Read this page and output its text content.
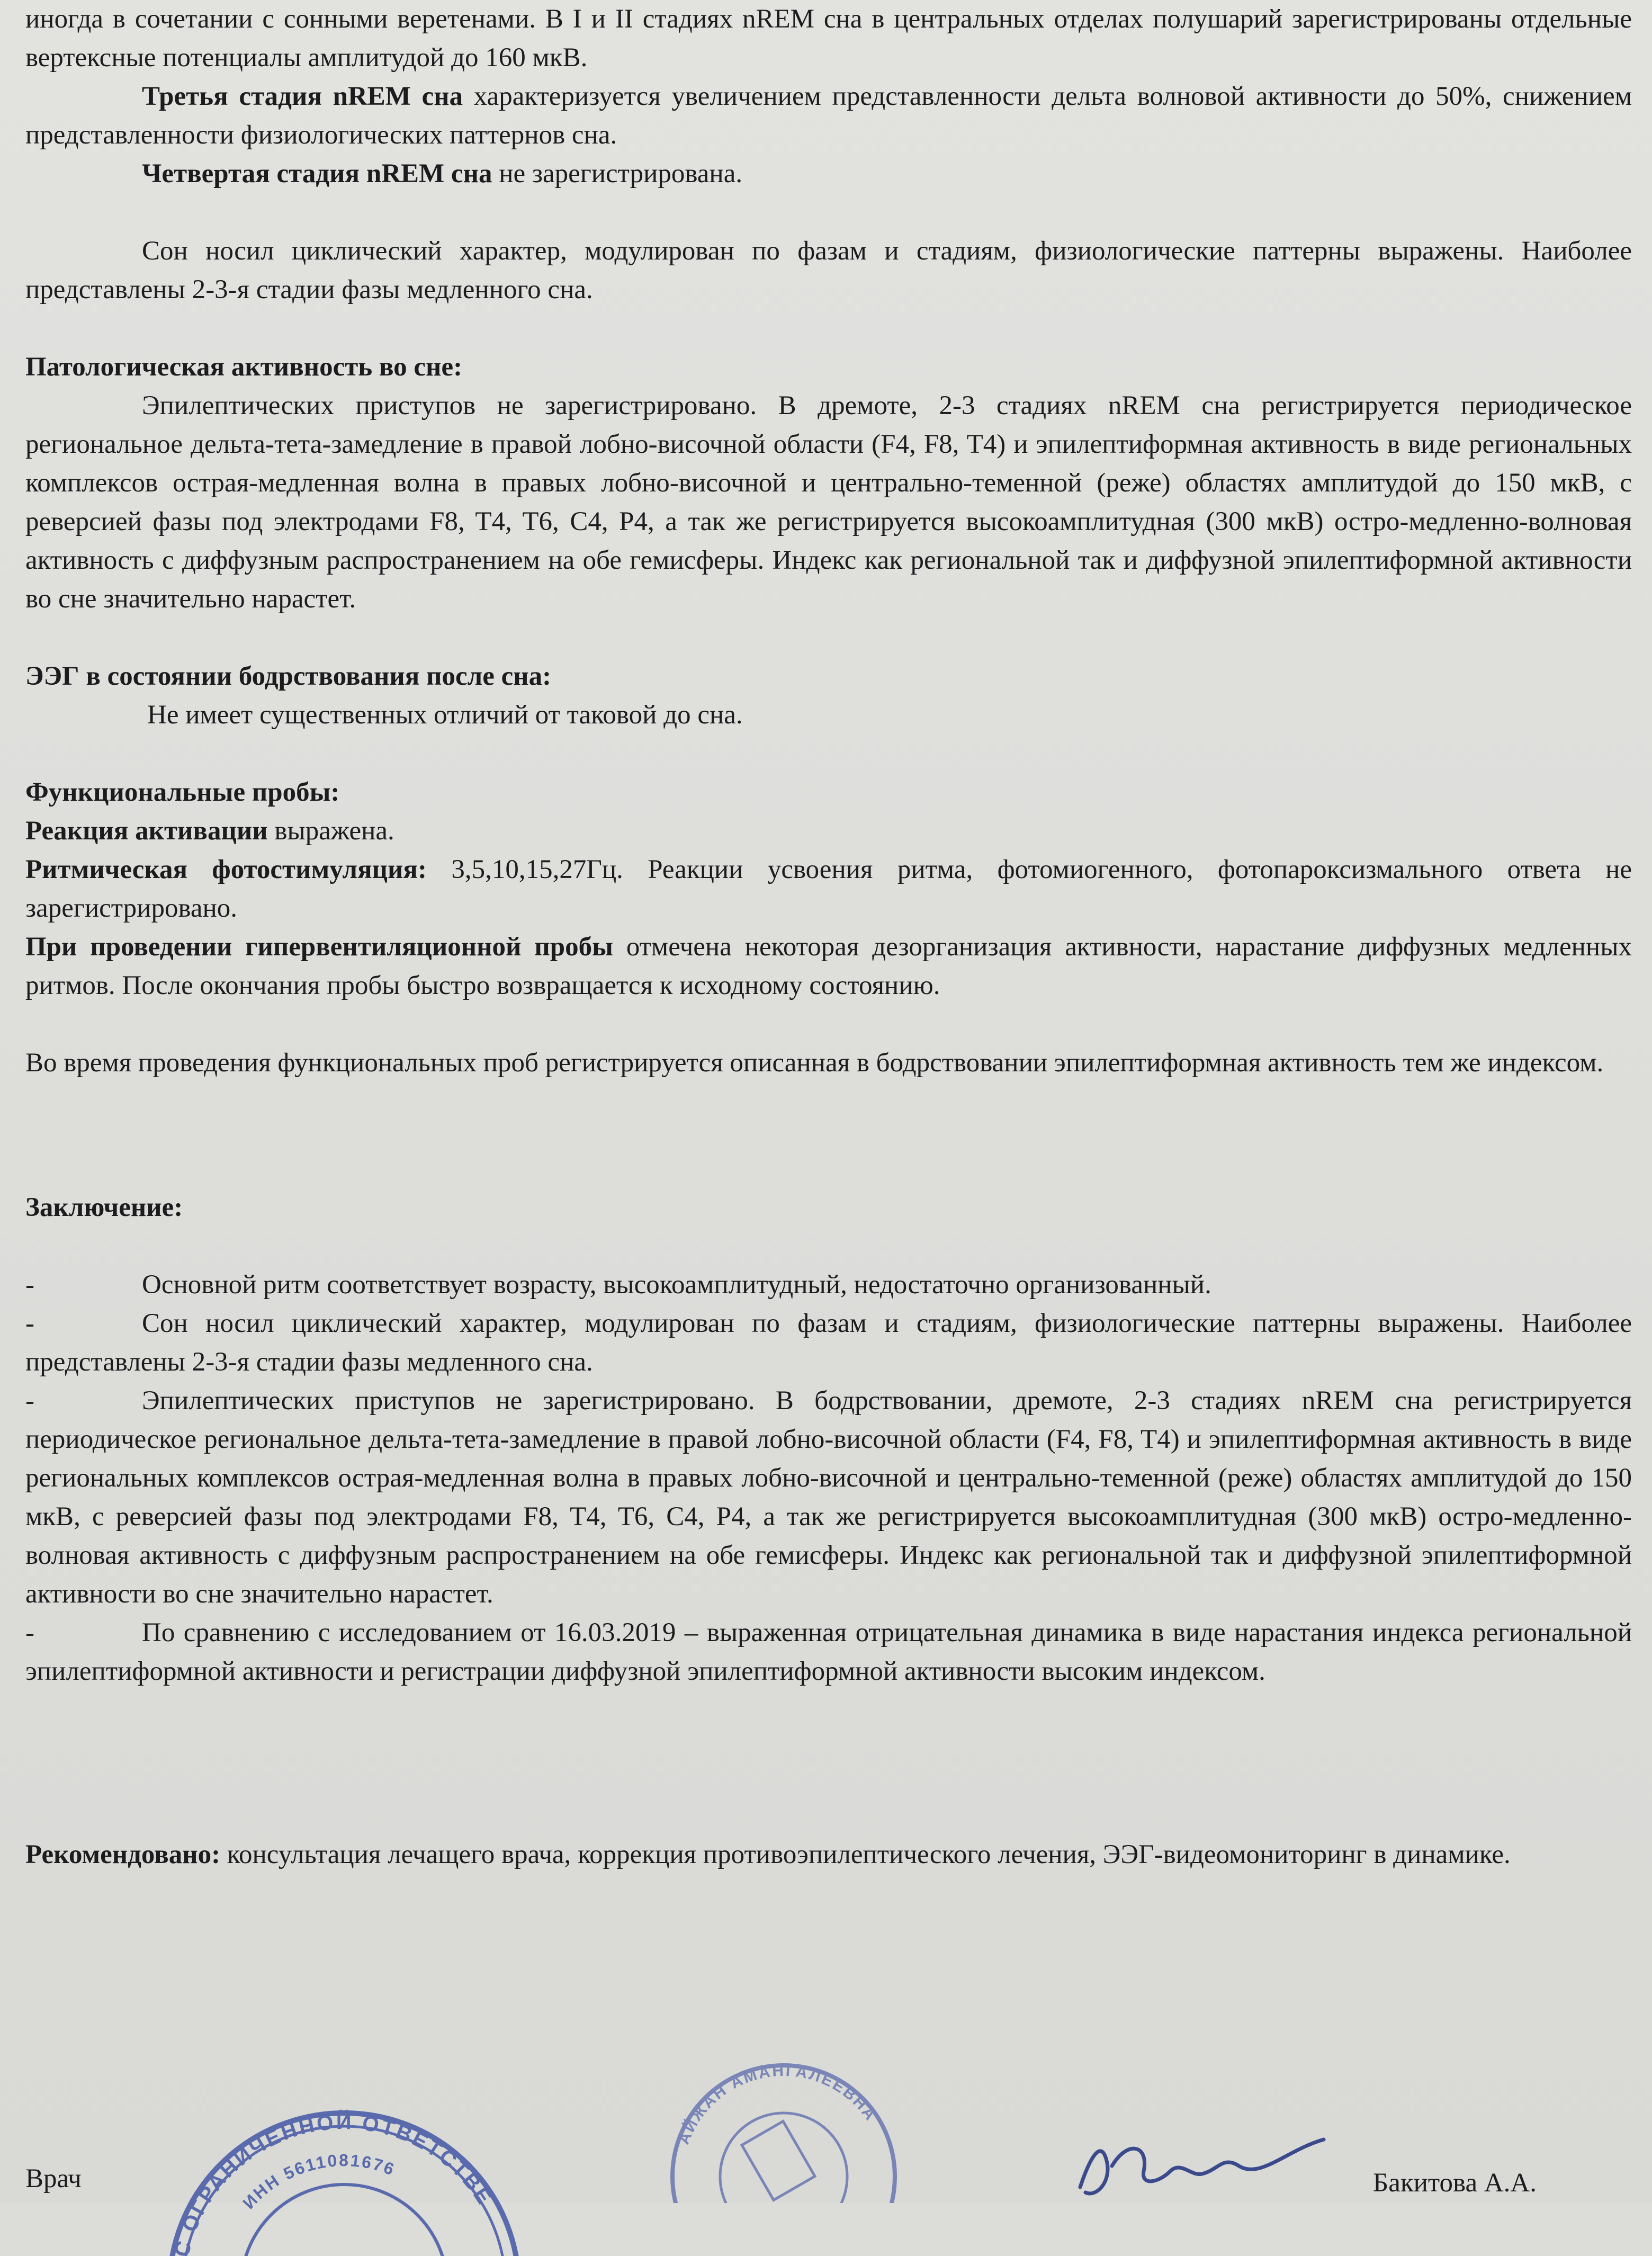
иногда в сочетании с сонными веретенами. В I и II стадиях nREM сна в центральных отделах полушарий зарегистрированы отдельные вертексные потенциалы амплитудой до 160 мкВ.

Третья стадия nREM сна характеризуется увеличением представленности дельта волновой активности до 50%, снижением представленности физиологических паттернов сна.

Четвертая стадия nREM сна не зарегистрирована.

Сон носил циклический характер, модулирован по фазам и стадиям, физиологические паттерны выражены. Наиболее представлены 2-3-я стадии фазы медленного сна.

Патологическая активность во сне:

Эпилептических приступов не зарегистрировано. В дремоте, 2-3 стадиях nREM сна регистрируется периодическое региональное дельта-тета-замедление в правой лобно-височной области (F4, F8, T4) и эпилептиформная активность в виде региональных комплексов острая-медленная волна в правых лобно-височной и центрально-теменной (реже) областях амплитудой до 150 мкВ, с реверсией фазы под электродами F8, T4, T6, C4, P4, а так же регистрируется высокоамплитудная (300 мкВ) остро-медленно-волновая активность с диффузным распространением на обе гемисферы. Индекс как региональной так и диффузной эпилептиформной активности во сне значительно нарастет.

ЭЭГ в состоянии бодрствования после сна:

Не имеет существенных отличий от таковой до сна.

Функциональные пробы:

Реакция активации выражена.

Ритмическая фотостимуляция: 3,5,10,15,27Гц. Реакции усвоения ритма, фотомиогенного, фотопароксизмального ответа не зарегистрировано.

При проведении гипервентиляционной пробы отмечена некоторая дезорганизация активности, нарастание диффузных медленных ритмов. После окончания пробы быстро возвращается к исходному состоянию.

Во время проведения функциональных проб регистрируется описанная в бодрствовании эпилептиформная активность тем же индексом.

Заключение:

-	Основной ритм соответствует возрасту, высокоамплитудный, недостаточно организованный.

-	Сон носил циклический характер, модулирован по фазам и стадиям, физиологические паттерны выражены. Наиболее представлены 2-3-я стадии фазы медленного сна.

-	Эпилептических приступов не зарегистрировано. В бодрствовании, дремоте, 2-3 стадиях nREM сна регистрируется периодическое региональное дельта-тета-замедление в правой лобно-височной области (F4, F8, T4) и эпилептиформная активность в виде региональных комплексов острая-медленная волна в правых лобно-височной и центрально-теменной (реже) областях амплитудой до 150 мкВ, с реверсией фазы под электродами F8, T4, T6, C4, P4, а так же регистрируется высокоамплитудная (300 мкВ) остро-медленно-волновая активность с диффузным распространением на обе гемисферы. Индекс как региональной так и диффузной эпилептиформной активности во сне значительно нарастет.

-	По сравнению с исследованием от 16.03.2019 – выраженная отрицательная динамика в виде нарастания индекса региональной эпилептиформной активности и регистрации диффузной эпилептиформной активности высоким индексом.

Рекомендовано: консультация лечащего врача, коррекция противоэпилептического лечения, ЭЭГ-видеомониторинг в динамике.

С ОГРАНИЧЕННОЙ ОТВЕТСТВЕ
ИНН 5611081676
АЙЖАН АМАНГАЛЕЕВНА
Врач	Бакитова А.А.
